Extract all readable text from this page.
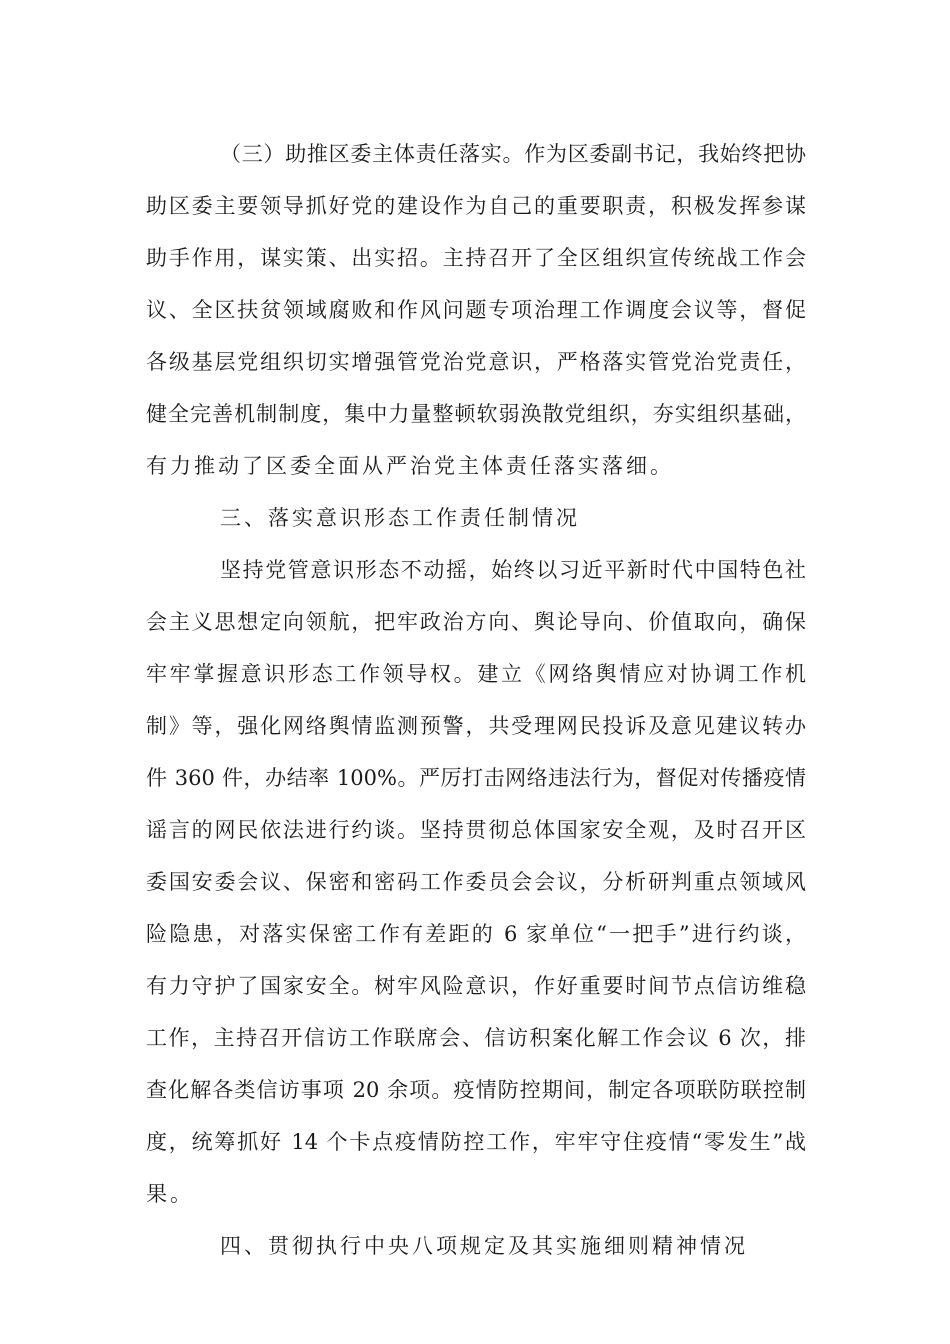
（三）助推区委主体责任落实。作为区委副书记，我始终把协
助区委主要领导抓好党的建设作为自己的重要职责，积极发挥参谋
助手作用，谋实策、出实招。主持召开了全区组织宣传统战工作会
议、全区扶贫领域腐败和作风问题专项治理工作调度会议等，督促
各级基层党组织切实增强管党治党意识，严格落实管党治党责任，
健全完善机制制度，集中力量整顿软弱涣散党组织，夯实组织基础，
有力推动了区委全面从严治党主体责任落实落细。
三、落实意识形态工作责任制情况
坚持党管意识形态不动摇，始终以习近平新时代中国特色社
会主义思想定向领航，把牢政治方向、舆论导向、价值取向，确保
牢牢掌握意识形态工作领导权。建立《网络舆情应对协调工作机
制》等，强化网络舆情监测预警，共受理网民投诉及意见建议转办
件 360 件，办结率 100%。严厉打击网络违法行为，督促对传播疫情
谣言的网民依法进行约谈。坚持贯彻总体国家安全观，及时召开区
委国安委会议、保密和密码工作委员会会议，分析研判重点领域风
险隐患，对落实保密工作有差距的 6 家单位“一把手”进行约谈，
有力守护了国家安全。树牢风险意识，作好重要时间节点信访维稳
工作，主持召开信访工作联席会、信访积案化解工作会议 6 次，排
查化解各类信访事项 20 余项。疫情防控期间，制定各项联防联控制
度，统筹抓好 14 个卡点疫情防控工作，牢牢守住疫情“零发生”战
果。
四、贯彻执行中央八项规定及其实施细则精神情况
